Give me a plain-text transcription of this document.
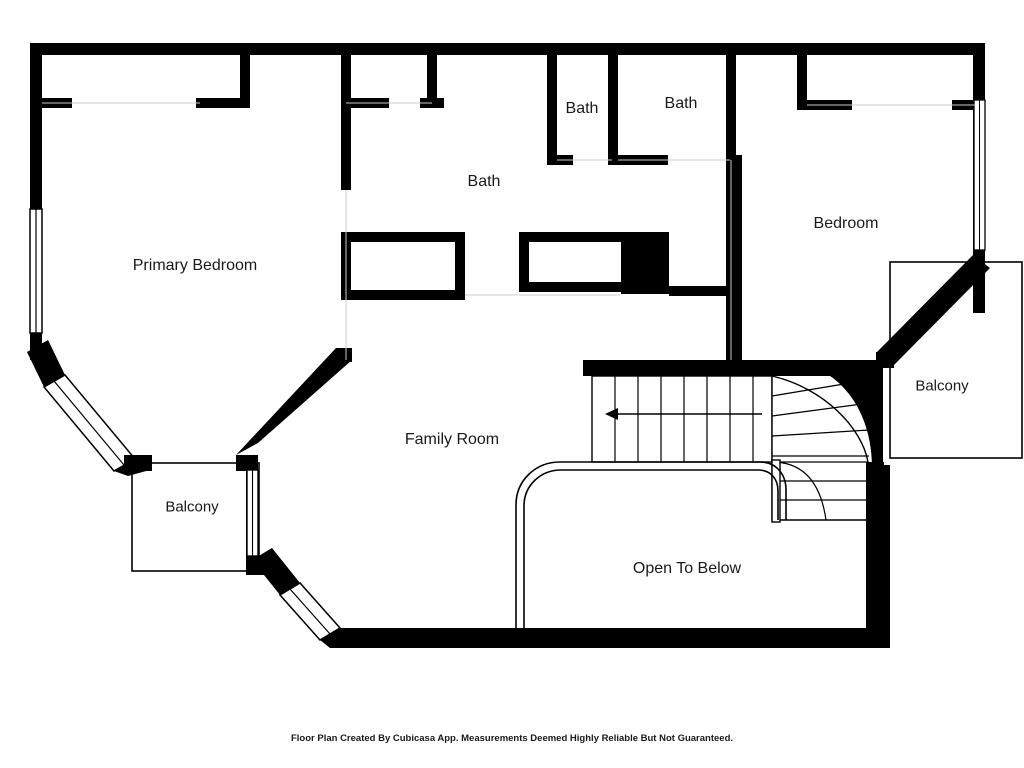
Primary Bedroom
Bath
Bath	Bath
Bedroom
Balcony
Family Room
Balcony
Open To Below
Floor Plan Created By Cubicasa App. Measurements Deemed Highly Reliable But Not Guaranteed.
